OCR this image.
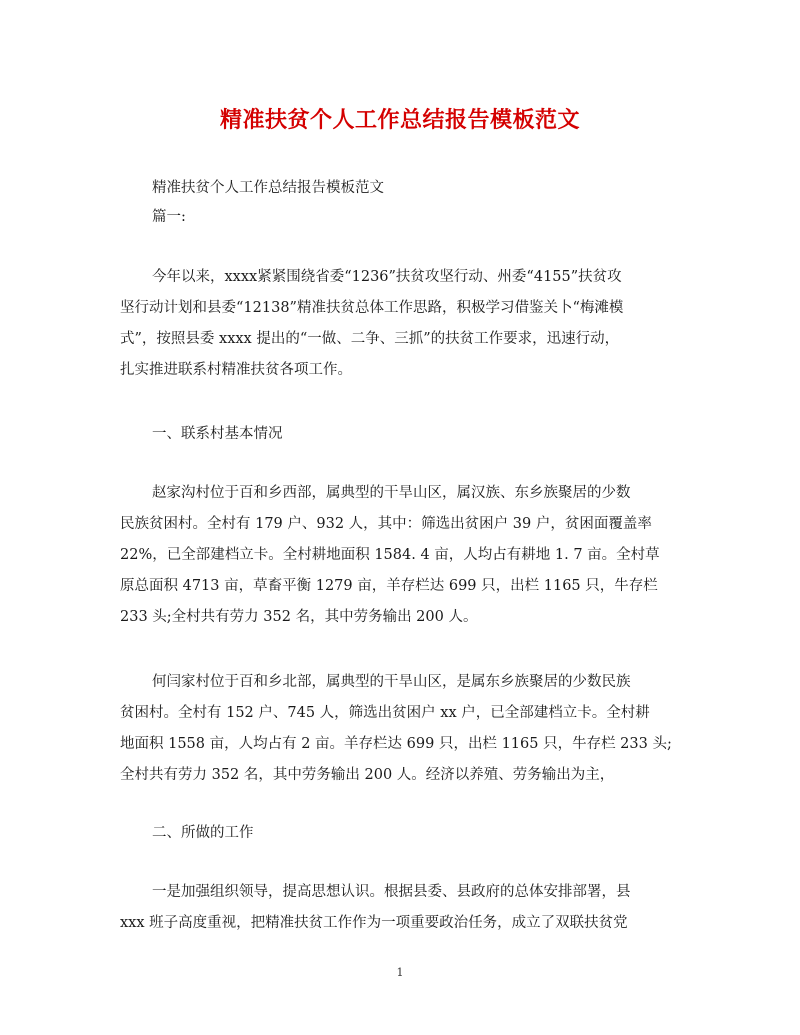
精准扶贫个人工作总结报告模板范文
精准扶贫个人工作总结报告模板范文
篇一:
今年以来，xxxx紧紧围绕省委“1236”扶贫攻坚行动、州委“4155”扶贫攻
坚行动计划和县委“12138”精准扶贫总体工作思路，积极学习借鉴关卜“梅滩模
式”，按照县委 xxxx 提出的“一做、二争、三抓”的扶贫工作要求，迅速行动，
扎实推进联系村精准扶贫各项工作。
一、联系村基本情况
赵家沟村位于百和乡西部，属典型的干旱山区，属汉族、东乡族聚居的少数
民族贫困村。全村有 179 户、932 人，其中：筛选出贫困户 39 户，贫困面覆盖率
22%，已全部建档立卡。全村耕地面积 1584. 4 亩，人均占有耕地 1. 7 亩。全村草
原总面积 4713 亩，草畜平衡 1279 亩，羊存栏达 699 只，出栏 1165 只，牛存栏
233 头;全村共有劳力 352 名，其中劳务输出 200 人。
何闫家村位于百和乡北部，属典型的干旱山区，是属东乡族聚居的少数民族
贫困村。全村有 152 户、745 人，筛选出贫困户 xx 户，已全部建档立卡。全村耕
地面积 1558 亩，人均占有 2 亩。羊存栏达 699 只，出栏 1165 只，牛存栏 233 头;
全村共有劳力 352 名，其中劳务输出 200 人。经济以养殖、劳务输出为主，
二、所做的工作
一是加强组织领导，提高思想认识。根据县委、县政府的总体安排部署，县
xxx 班子高度重视，把精准扶贫工作作为一项重要政治任务，成立了双联扶贫党
1
